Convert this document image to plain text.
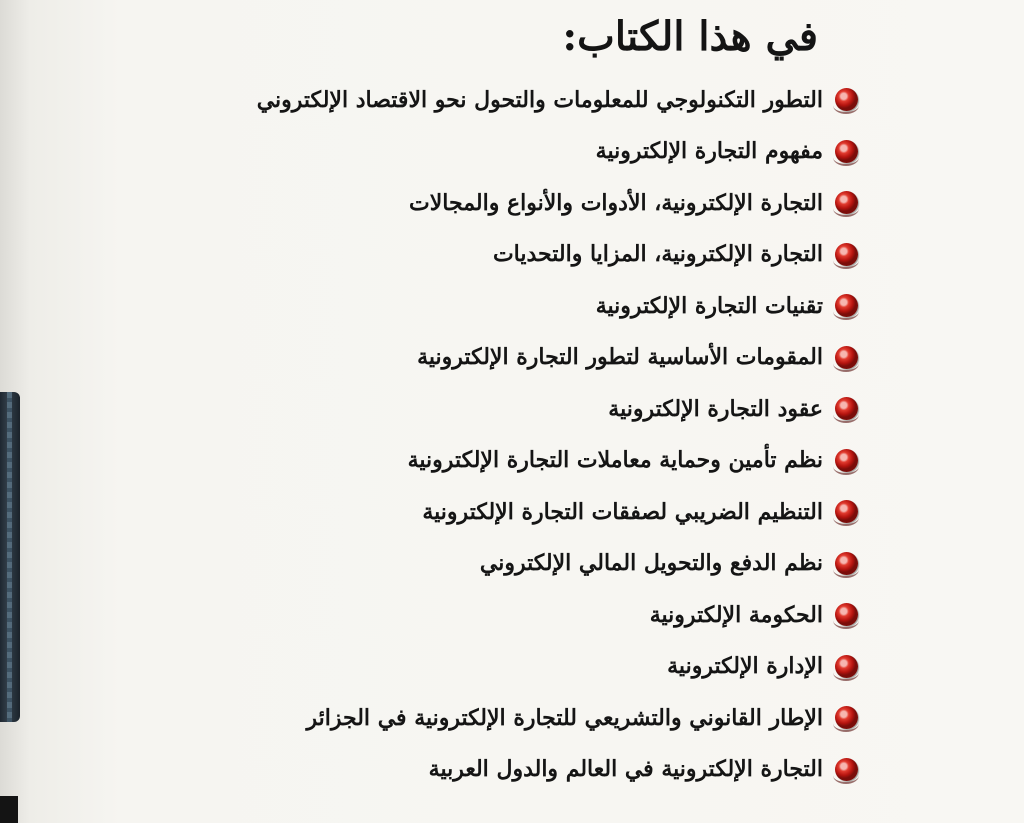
في هذا الكتاب:
التطور التكنولوجي للمعلومات والتحول نحو الاقتصاد الإلكتروني
مفهوم التجارة الإلكترونية
التجارة الإلكترونية، الأدوات والأنواع والمجالات
التجارة الإلكترونية، المزايا والتحديات
تقنيات التجارة الإلكترونية
المقومات الأساسية لتطور التجارة الإلكترونية
عقود التجارة الإلكترونية
نظم تأمين وحماية معاملات التجارة الإلكترونية
التنظيم الضريبي لصفقات التجارة الإلكترونية
نظم الدفع والتحويل المالي الإلكتروني
الحكومة الإلكترونية
الإدارة الإلكترونية
الإطار القانوني والتشريعي للتجارة الإلكترونية في الجزائر
التجارة الإلكترونية في العالم والدول العربية
